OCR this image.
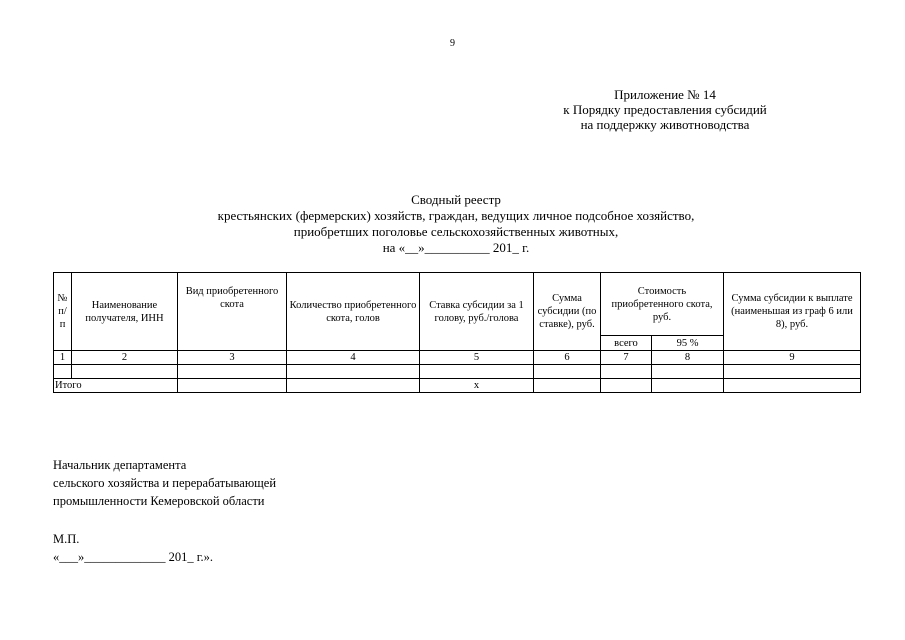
9
Приложение № 14
к Порядку предоставления субсидий
на поддержку животноводства
Сводный реестр
крестьянских (фермерских) хозяйств, граждан, ведущих личное подсобное хозяйство,
приобретших поголовье сельскохозяйственных животных,
на «__»__________ 201_ г.
№ п/п	Наименование получателя, ИНН	Вид приобретенного скота	Количество приобретенного скота, голов	Ставка субсидии за 1 голову, руб./голова	Сумма субсидии (по ставке), руб.	Стоимость приобретенного скота, руб.		Сумма субсидии к выплате (наименьшая из граф 6 или 8), руб.
						всего	95 %	
1	2	3	4	5	6	7	8	9

Итого				x				
Начальник департамента
сельского хозяйства и перерабатывающей
промышленности Кемеровской области
М.П.
«___»_____________ 201_ г.».
